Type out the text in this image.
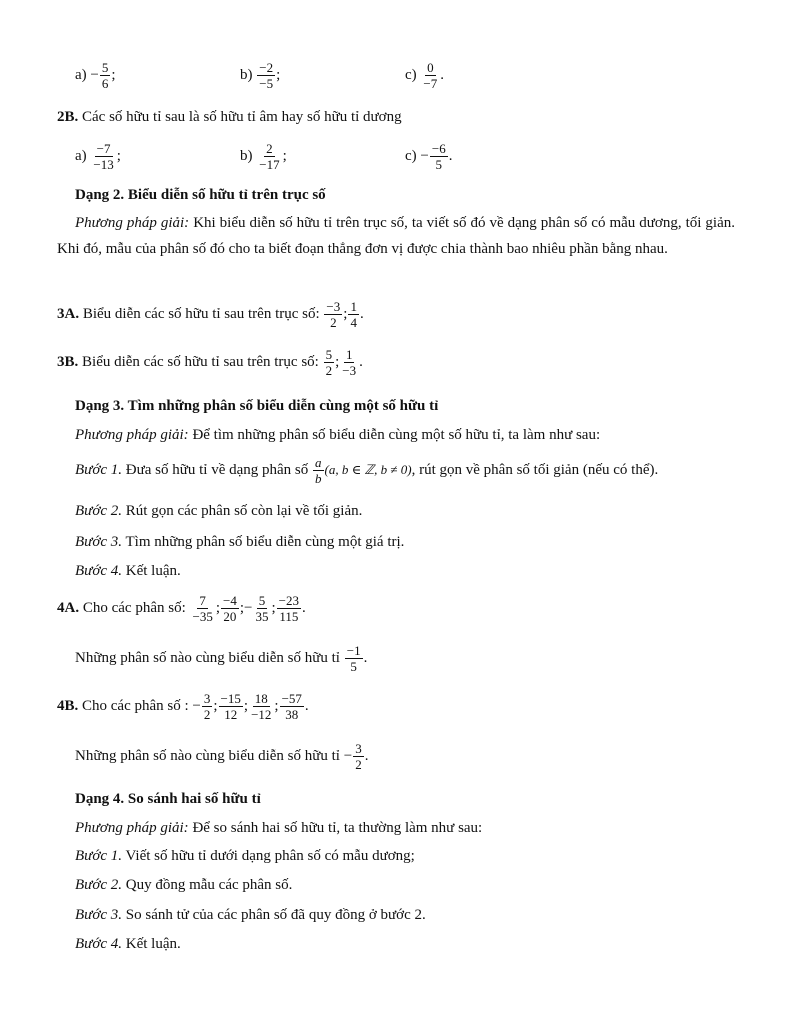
a)
− $\frac{5}{6}$ ;	b)
$\frac{-2}{-5}$ ;	c)
$\frac{0}{-7}$ .
2B. Các số hữu tỉ sau là số hữu tỉ âm hay số hữu tỉ dương
a)
$\frac{-7}{-13}$ ;	b)
$\frac{2}{-17}$ ;	c)
− $\frac{-6}{5}$ .
Dạng 2. Biểu diễn số hữu tỉ trên trục số
Phương pháp giải: Khi biểu diễn số hữu tỉ trên trục số, ta viết số đó về dạng phân số có mẫu dương, tối giản. Khi đó, mẫu của phân số đó cho ta biết đoạn thẳng đơn vị được chia thành bao nhiêu phần bằng nhau.
3A.
Biểu diễn các số hữu tỉ sau trên trục số:
$\frac{-3}{2}$ ; $\frac{1}{4}$ .
3B.
Biểu diễn các số hữu tỉ sau trên trục số:
$\frac{5}{2}$ ; $\frac{1}{-3}$ .
Dạng 3. Tìm những phân số biểu diễn cùng một số hữu tỉ
Phương pháp giải: Để tìm những phân số biểu diễn cùng một số hữu tỉ, ta làm như sau:
Bước 1.
Đưa số hữu tỉ về dạng phân số
$\frac{a}{b} (a$, b ∈ ℤ, b ≠ 0) , rút gọn về phân số tối giản (nếu có thể).
Bước 2. Rút gọn các phân số còn lại về tối giản.
Bước 3. Tìm những phân số biểu diễn cùng một giá trị.
Bước 4. Kết luận.
4A.
Cho các phân số:
$\frac{7}{-35}$ ; $\frac{-4}{20}$ ; − $\frac{5}{35}$ ; $\frac{-23}{115}$ .
Những phân số nào cùng biểu diễn số hữu tỉ
$\frac{-1}{5}$ .
4B.
Cho các phân số :
− $\frac{3}{2}$ ; $\frac{-15}{12}$ ; $\frac{18}{-12}$ ; $\frac{-57}{38}$ .
Những phân số nào cùng biểu diễn số hữu tỉ
− $\frac{3}{2}$ .
Dạng 4. So sánh hai số hữu tỉ
Phương pháp giải: Để so sánh hai số hữu tỉ, ta thường làm như sau:
Bước 1. Viết số hữu tỉ dưới dạng phân số có mẫu dương;
Bước 2. Quy đồng mẫu các phân số.
Bước 3. So sánh tử của các phân số đã quy đồng ở bước 2.
Bước 4. Kết luận.
